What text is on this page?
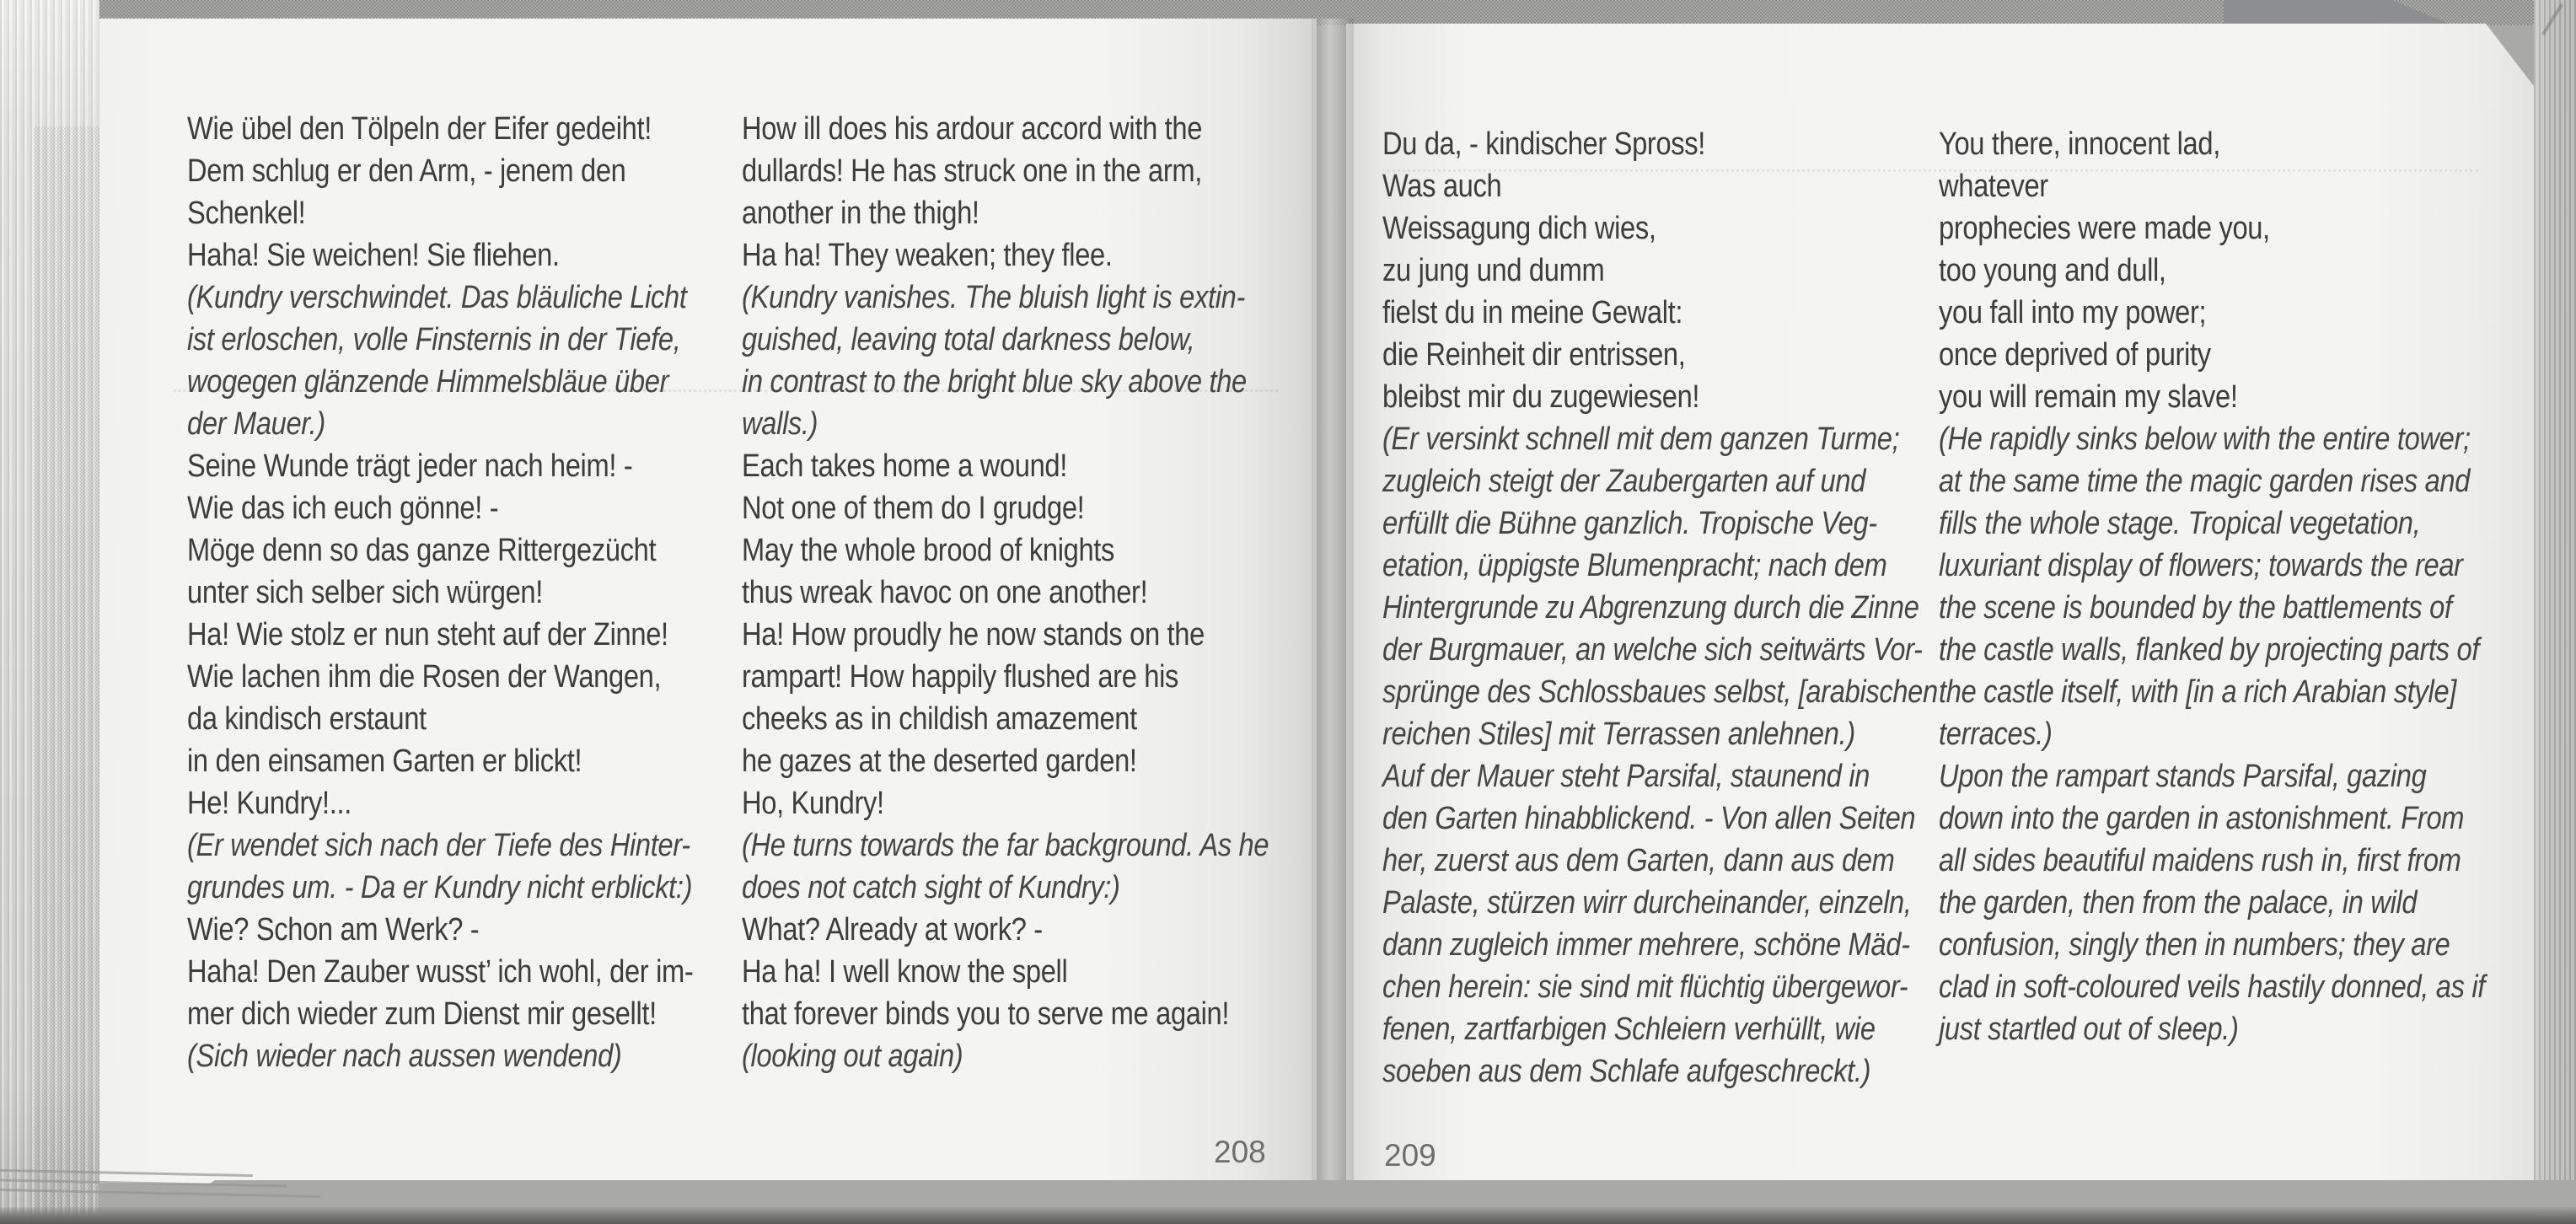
Wie übel den Tölpeln der Eifer gedeiht!
Dem schlug er den Arm, - jenem den
Schenkel!
Haha! Sie weichen! Sie fliehen.
(Kundry verschwindet. Das bläuliche Licht
ist erloschen, volle Finsternis in der Tiefe,
wogegen glänzende Himmelsbläue über
der Mauer.)
Seine Wunde trägt jeder nach heim! -
Wie das ich euch gönne! -
Möge denn so das ganze Rittergezücht
unter sich selber sich würgen!
Ha! Wie stolz er nun steht auf der Zinne!
Wie lachen ihm die Rosen der Wangen,
da kindisch erstaunt
in den einsamen Garten er blickt!
He! Kundry!...
(Er wendet sich nach der Tiefe des Hinter-
grundes um. - Da er Kundry nicht erblickt:)
Wie? Schon am Werk? -
Haha! Den Zauber wusst’ ich wohl, der im-
mer dich wieder zum Dienst mir gesellt!
(Sich wieder nach aussen wendend)
How ill does his ardour accord with the
dullards! He has struck one in the arm,
another in the thigh!
Ha ha! They weaken; they flee.
(Kundry vanishes. The bluish light is extin-
guished, leaving total darkness below,
in contrast to the bright blue sky above the
walls.)
Each takes home a wound!
Not one of them do I grudge!
May the whole brood of knights
thus wreak havoc on one another!
Ha! How proudly he now stands on the
rampart! How happily flushed are his
cheeks as in childish amazement
he gazes at the deserted garden!
Ho, Kundry!
(He turns towards the far background. As he
does not catch sight of Kundry:)
What? Already at work? -
Ha ha! I well know the spell
that forever binds you to serve me again!
(looking out again)
Du da, - kindischer Spross!
Was auch
Weissagung dich wies,
zu jung und dumm
fielst du in meine Gewalt:
die Reinheit dir entrissen,
bleibst mir du zugewiesen!
(Er versinkt schnell mit dem ganzen Turme;
zugleich steigt der Zaubergarten auf und
erfüllt die Bühne ganzlich. Tropische Veg-
etation, üppigste Blumenpracht; nach dem
Hintergrunde zu Abgrenzung durch die Zinne
der Burgmauer, an welche sich seitwärts Vor-
sprünge des Schlossbaues selbst, [arabischen
reichen Stiles] mit Terrassen anlehnen.)
Auf der Mauer steht Parsifal, staunend in
den Garten hinabblickend. - Von allen Seiten
her, zuerst aus dem Garten, dann aus dem
Palaste, stürzen wirr durcheinander, einzeln,
dann zugleich immer mehrere, schöne Mäd-
chen herein: sie sind mit flüchtig übergewor-
fenen, zartfarbigen Schleiern verhüllt, wie
soeben aus dem Schlafe aufgeschreckt.)
You there, innocent lad,
whatever
prophecies were made you,
too young and dull,
you fall into my power;
once deprived of purity
you will remain my slave!
(He rapidly sinks below with the entire tower;
at the same time the magic garden rises and
fills the whole stage. Tropical vegetation,
luxuriant display of flowers; towards the rear
the scene is bounded by the battlements of
the castle walls, flanked by projecting parts of
the castle itself, with [in a rich Arabian style]
terraces.)
Upon the rampart stands Parsifal, gazing
down into the garden in astonishment. From
all sides beautiful maidens rush in, first from
the garden, then from the palace, in wild
confusion, singly then in numbers; they are
clad in soft-coloured veils hastily donned, as if
just startled out of sleep.)
208	209
